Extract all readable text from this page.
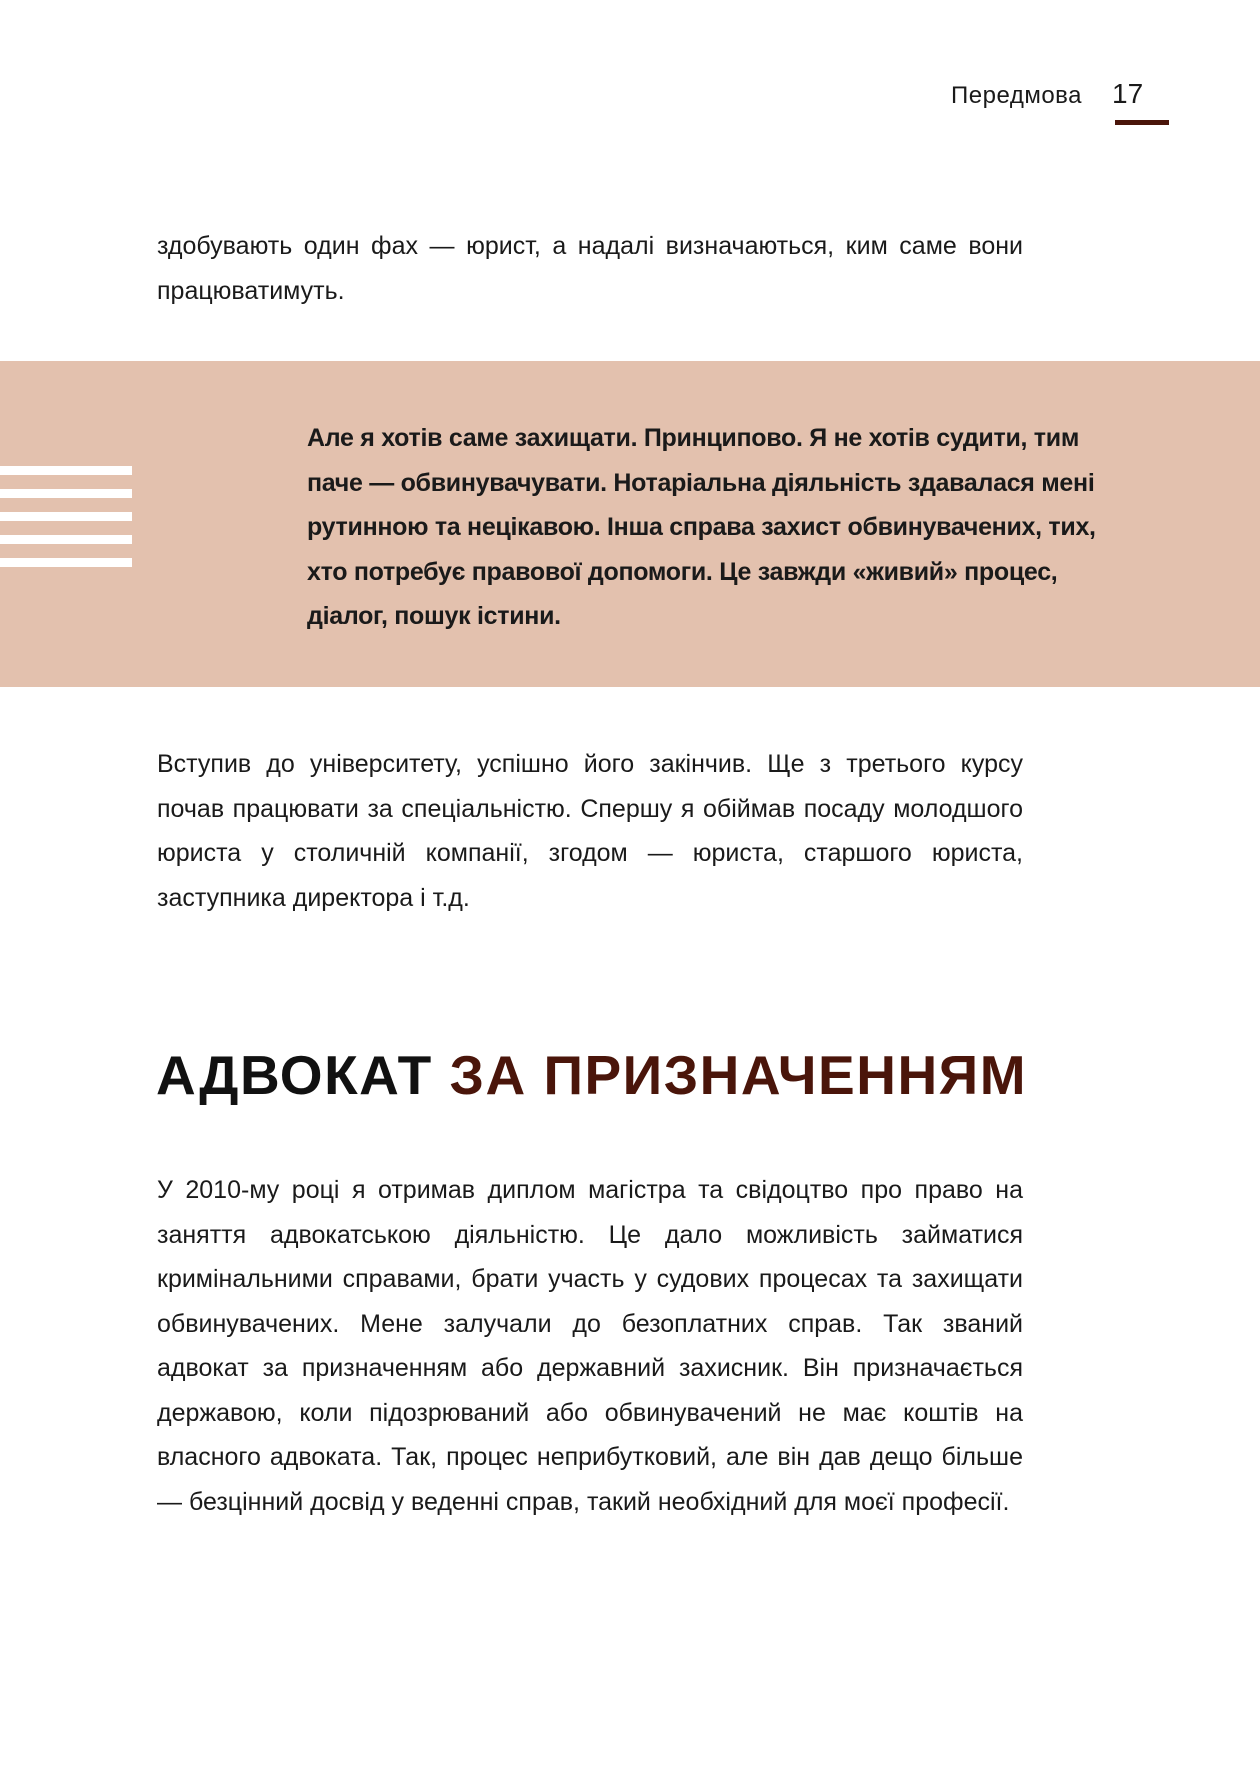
Передмова 17

здобувають один фах — юрист, а надалі визначаються, ким саме вони працюватимуть.

Але я хотів саме захищати. Принципово. Я не хотів судити, тим паче — обвинувачувати. Нотаріальна діяльність здавалася мені рутинною та нецікавою. Інша справа захист обвинувачених, тих, хто потребує правової допомоги. Це завжди «живий» процес, діалог, пошук істини.

Вступив до університету, успішно його закінчив. Ще з третього курсу почав працювати за спеціальністю. Спершу я обіймав посаду молодшого юриста у столичній компанії, згодом — юриста, старшого юриста, заступника директора і т.д.

АДВОКАТ ЗА ПРИЗНАЧЕННЯМ

У 2010-му році я отримав диплом магістра та свідоцтво про право на заняття адвокатською діяльністю. Це дало можливість займатися кримінальними справами, брати участь у судових процесах та захищати обвинувачених. Мене залучали до безоплатних справ. Так званий адвокат за призначенням або державний захисник. Він призначається державою, коли підозрюваний або обвинувачений не має коштів на власного адвоката. Так, процес неприбутковий, але він дав дещо більше — безцінний досвід у веденні справ, такий необхідний для моєї професії.
